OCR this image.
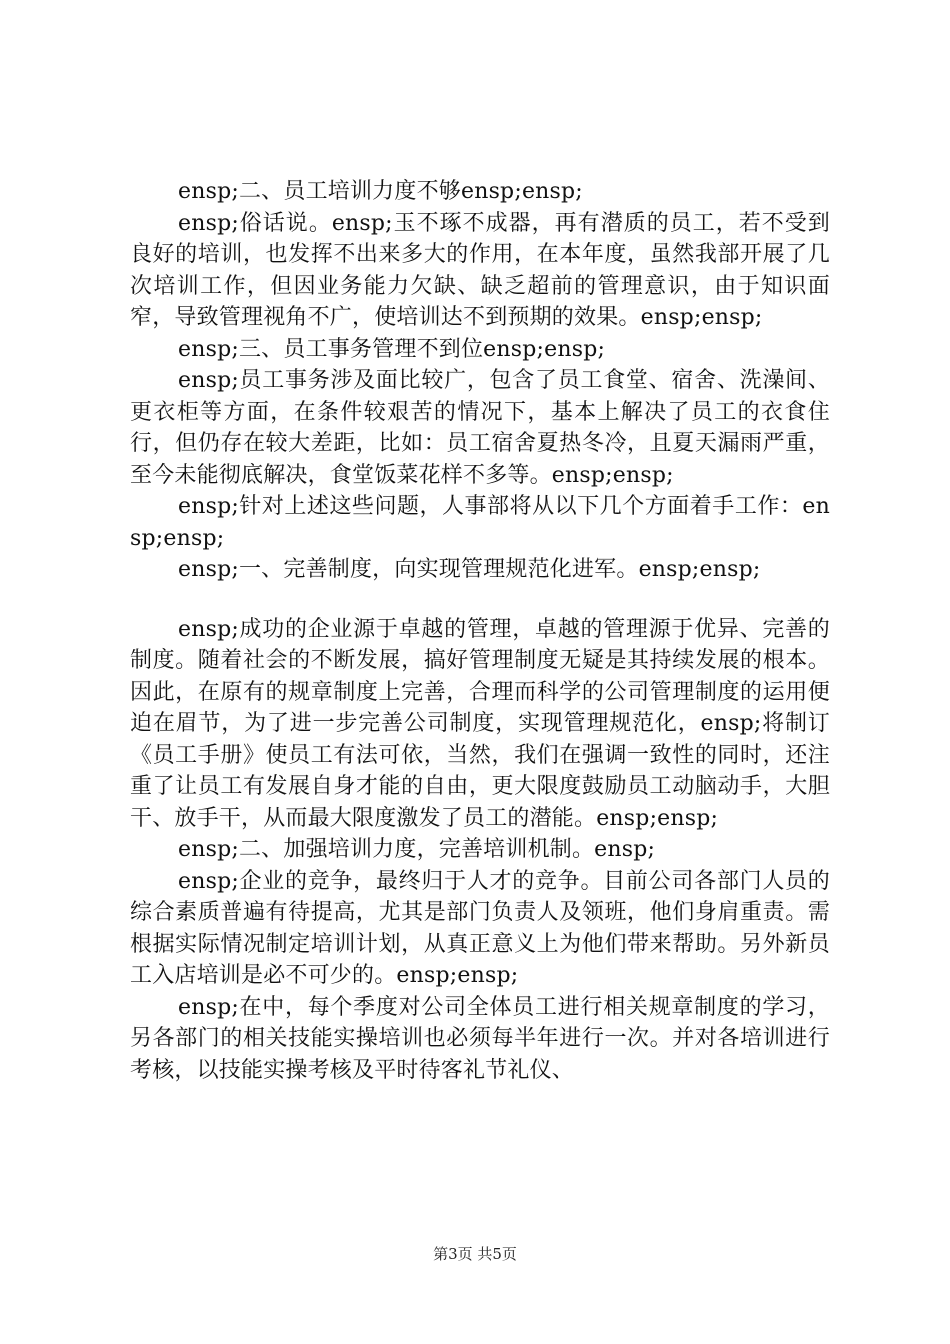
ensp;二、员工培训力度不够ensp;ensp;

ensp;俗话说。ensp;玉不琢不成器，再有潜质的员工，若不受到良好的培训，也发挥不出来多大的作用，在本年度，虽然我部开展了几次培训工作，但因业务能力欠缺、缺乏超前的管理意识，由于知识面窄，导致管理视角不广，使培训达不到预期的效果。ensp;ensp;

ensp;三、员工事务管理不到位ensp;ensp;

ensp;员工事务涉及面比较广，包含了员工食堂、宿舍、洗澡间、更衣柜等方面，在条件较艰苦的情况下，基本上解决了员工的衣食住行，但仍存在较大差距，比如：员工宿舍夏热冬冷，且夏天漏雨严重，至今未能彻底解决，食堂饭菜花样不多等。ensp;ensp;

ensp;针对上述这些问题，人事部将从以下几个方面着手工作：ensp;ensp;

ensp;一、完善制度，向实现管理规范化进军。ensp;ensp;

ensp;成功的企业源于卓越的管理，卓越的管理源于优异、完善的制度。随着社会的不断发展，搞好管理制度无疑是其持续发展的根本。因此，在原有的规章制度上完善，合理而科学的公司管理制度的运用便迫在眉节，为了进一步完善公司制度，实现管理规范化，ensp;将制订《员工手册》使员工有法可依，当然，我们在强调一致性的同时，还注重了让员工有发展自身才能的自由，更大限度鼓励员工动脑动手，大胆干、放手干，从而最大限度激发了员工的潜能。ensp;ensp;

ensp;二、加强培训力度，完善培训机制。ensp;

ensp;企业的竞争，最终归于人才的竞争。目前公司各部门人员的综合素质普遍有待提高，尤其是部门负责人及领班，他们身肩重责。需根据实际情况制定培训计划，从真正意义上为他们带来帮助。另外新员工入店培训是必不可少的。ensp;ensp;

ensp;在中，每个季度对公司全体员工进行相关规章制度的学习，另各部门的相关技能实操培训也必须每半年进行一次。并对各培训进行考核，以技能实操考核及平时待客礼节礼仪、

第3页 共5页
